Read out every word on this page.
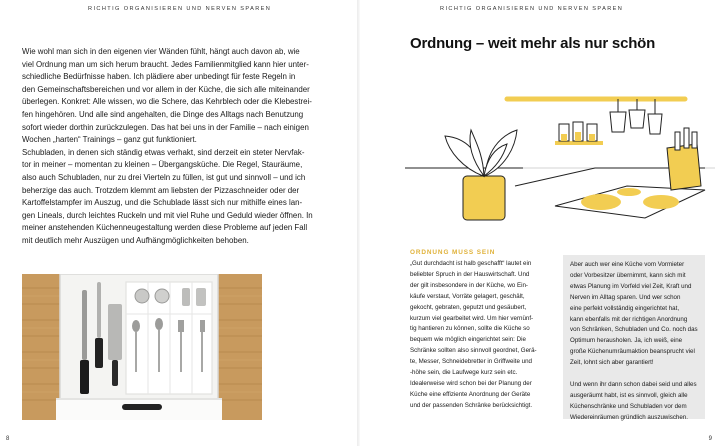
RICHTIG ORGANISIEREN UND NERVEN SPAREN
Wie wohl man sich in den eigenen vier Wänden fühlt, hängt auch davon ab, wie
viel Ordnung man um sich herum braucht. Jedes Familienmitglied kann hier unter-
schiedliche Bedürfnisse haben. Ich plädiere aber unbedingt für feste Regeln in
den Gemeinschaftsbereichen und vor allem in der Küche, die sich alle miteinander
überlegen. Konkret: Alle wissen, wo die Schere, das Kehrblech oder die Klebestrei-
fen hingehören. Und alle sind angehalten, die Dinge des Alltags nach Benutzung
sofort wieder dorthin zurückzulegen. Das hat bei uns in der Familie – nach einigen
Wochen „harten“ Trainings – ganz gut funktioniert.
Schubladen, in denen sich ständig etwas verhakt, sind derzeit ein steter Nervfak-
tor in meiner – momentan zu kleinen – Übergangsküche. Die Regel, Stauräume,
also auch Schubladen, nur zu drei Vierteln zu füllen, ist gut und sinnvoll – und ich
beherzige das auch. Trotzdem klemmt am liebsten der Pizzaschneider oder der
Kartoffelstampfer im Auszug, und die Schublade lässt sich nur mithilfe eines lan-
gen Lineals, durch leichtes Ruckeln und mit viel Ruhe und Geduld wieder öffnen. In
meiner anstehenden Küchenneugestaltung werden diese Probleme auf jeden Fall
mit deutlich mehr Auszügen und Aufhängmöglichkeiten behoben.
8
RICHTIG ORGANISIEREN UND NERVEN SPAREN
Ordnung – weit mehr als nur schön
ORDNUNG MUSS SEIN
„Gut durchdacht ist halb geschafft“ lautet ein
beliebter Spruch in der Hauswirtschaft. Und
der gilt insbesondere in der Küche, wo Ein-
käufe verstaut, Vorräte gelagert, geschält,
gekocht, gebraten, geputzt und gesäubert,
kurzum viel gearbeitet wird. Um hier vernünf-
tig hantieren zu können, sollte die Küche so
bequem wie möglich eingerichtet sein: Die
Schränke sollten also sinnvoll geordnet, Gerä-
te, Messer, Schneidebretter in Griffweite und
-höhe sein, die Laufwege kurz sein etc.
Idealerweise wird schon bei der Planung der
Küche eine effiziente Anordnung der Geräte
und der passenden Schränke berücksichtigt.
Aber auch wer eine Küche vom Vormieter
oder Vorbesitzer übernimmt, kann sich mit
etwas Planung im Vorfeld viel Zeit, Kraft und
Nerven im Alltag sparen. Und wer schon
eine perfekt vollständig eingerichtet hat,
kann ebenfalls mit der richtigen Anordnung
von Schränken, Schubladen und Co. noch das
Optimum herausholen. Ja, ich weiß, eine
große Küchenumräumaktion beansprucht viel
Zeit, lohnt sich aber garantiert!
Und wenn ihr dann schon dabei seid und alles
ausgeräumt habt, ist es sinnvoll, gleich alle
Küchenschränke und Schubladen vor dem
Wiedereinräumen gründlich auszuwischen.
9
